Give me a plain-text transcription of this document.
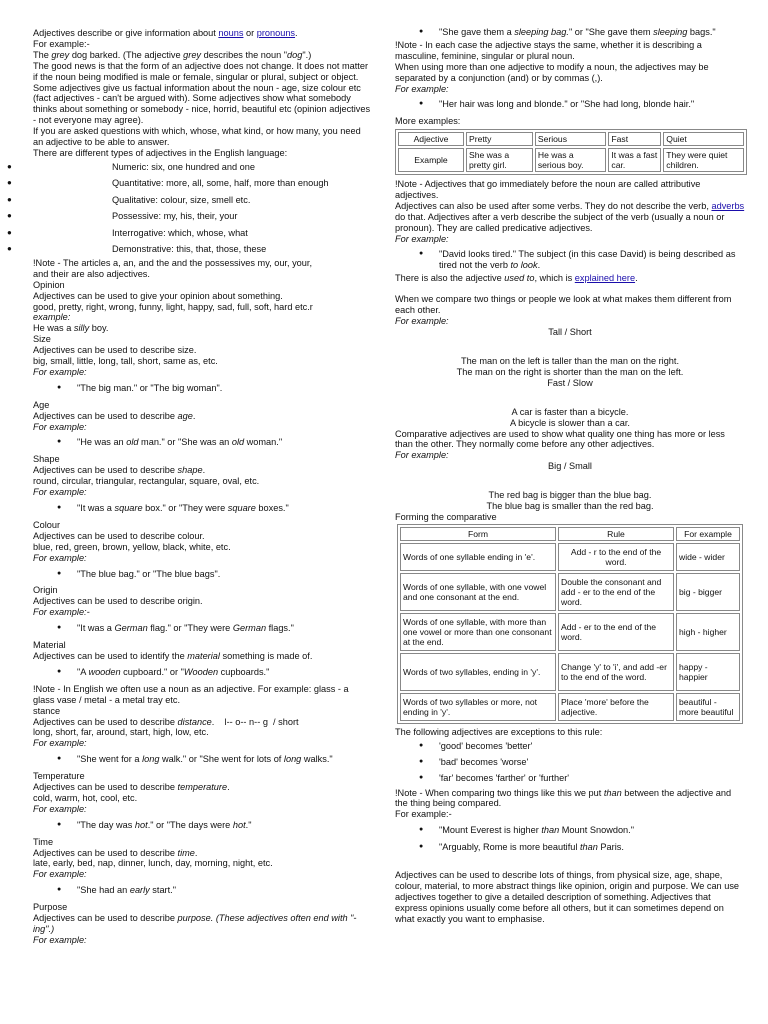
Adjectives describe or give information about nouns or pronouns.

For example:-

The grey dog barked. (The adjective grey describes the noun "dog".)

The good news is that the form of an adjective does not change. It does not matter if the noun being modified is male or female, singular or plural, subject or object.

Some adjectives give us factual information about the noun - age, size colour etc (fact adjectives - can't be argued with). Some adjectives show what somebody thinks about something or somebody - nice, horrid, beautiful etc (opinion adjectives - not everyone may agree).

If you are asked questions with which, whose, what kind, or how many, you need an adjective to be able to answer.

There are different types of adjectives in the English language:

● Numeric: six, one hundred and one
● Quantitative: more, all, some, half, more than enough
● Qualitative: colour, size, smell etc.
● Possessive: my, his, their, your
● Interrogative: which, whose, what
● Demonstrative: this, that, those, these

!Note - The articles a, an, and the and the possessives my, our, your, and their are also adjectives.

Opinion

Adjectives can be used to give your opinion about something.

good, pretty, right, wrong, funny, light, happy, sad, full, soft, hard etc.r

example:

He was a silly boy.

Size

Adjectives can be used to describe size.

big, small, little, long, tall, short, same as, etc.

For example:

● "The big man." or "The big woman".

Age

Adjectives can be used to describe age.

For example:

● "He was an old man." or "She was an old woman."

Shape

Adjectives can be used to describe shape.

round, circular, triangular, rectangular, square, oval, etc.

For example:

● "It was a square box." or "They were square boxes."

Colour

Adjectives can be used to describe colour.

blue, red, green, brown, yellow, black, white, etc.

For example:

● "The blue bag." or "The blue bags".

Origin

Adjectives can be used to describe origin.

For example:-

● "It was a German flag." or "They were German flags."

Material

Adjectives can be used to identify the material something is made of.

● "A wooden cupboard." or "Wooden cupboards."

!Note - In English we often use a noun as an adjective. For example: glass - a glass vase / metal - a metal tray etc.

stance

Adjectives can be used to describe distance.    l-- o-- n-- g  / short

long, short, far, around, start, high, low, etc.

For example:

● "She went for a long walk." or "She went for lots of long walks."

Temperature

Adjectives can be used to describe temperature.

cold, warm, hot, cool, etc.

For example:

● "The day was hot." or "The days were hot."

Time

Adjectives can be used to describe time.

late, early, bed, nap, dinner, lunch, day, morning, night, etc.

For example:

● "She had an early start."

Purpose

Adjectives can be used to describe purpose. (These adjectives often end with "-ing".)

For example:

● "She gave them a sleeping bag." or "She gave them sleeping bags."

!Note - In each case the adjective stays the same, whether it is describing a masculine, feminine, singular or plural noun.

When using more than one adjective to modify a noun, the adjectives may be separated by a conjunction (and) or by commas (,).

For example:

● "Her hair was long and blonde." or "She had long, blonde hair."

More examples:

Adjective	Pretty	Serious	Fast	Quiet
Example	She was a pretty girl.	He was a serious boy.	It was a fast car.	They were quiet children.

!Note - Adjectives that go immediately before the noun are called attributive adjectives.

Adjectives can also be used after some verbs. They do not describe the verb, adverbs do that. Adjectives after a verb describe the subject of the verb (usually a noun or pronoun). They are called predicative adjectives.

For example:

● "David looks tired." The subject (in this case David) is being described as tired not the verb to look.

There is also the adjective used to, which is explained here.

When we compare two things or people we look at what makes them different from each other.

For example:

Tall / Short

The man on the left is taller than the man on the right.

The man on the right is shorter than the man on the left.

Fast / Slow

A car is faster than a bicycle.

A bicycle is slower than a car.

Comparative adjectives are used to show what quality one thing has more or less than the other. They normally come before any other adjectives.

For example:

Big / Small

The red bag is bigger than the blue bag.

The blue bag is smaller than the red bag.

Forming the comparative

Form	Rule	For example
Words of one syllable ending in 'e'.	Add - r to the end of the word.	wide - wider
Words of one syllable, with one vowel and one consonant at the end.	Double the consonant and add - er to the end of the word.	big - bigger
Words of one syllable, with more than one vowel or more than one consonant at the end.	Add - er to the end of the word.	high - higher
Words of two syllables, ending in 'y'.	Change 'y' to 'i', and add -er to the end of the word.	happy - happier
Words of two syllables or more, not ending in 'y'.	Place 'more' before the adjective.	beautiful - more beautiful

The following adjectives are exceptions to this rule:

● 'good' becomes 'better'
● 'bad' becomes 'worse'
● 'far' becomes 'farther' or 'further'

!Note - When comparing two things like this we put than between the adjective and the thing being compared.

For example:-

● "Mount Everest is higher than Mount Snowdon."
● "Arguably, Rome is more beautiful than Paris.

Adjectives can be used to describe lots of things, from physical size, age, shape, colour, material, to more abstract things like opinion, origin and purpose. We can use adjectives together to give a detailed description of something. Adjectives that express opinions usually come before all others, but it can sometimes depend on what exactly you want to emphasise.
